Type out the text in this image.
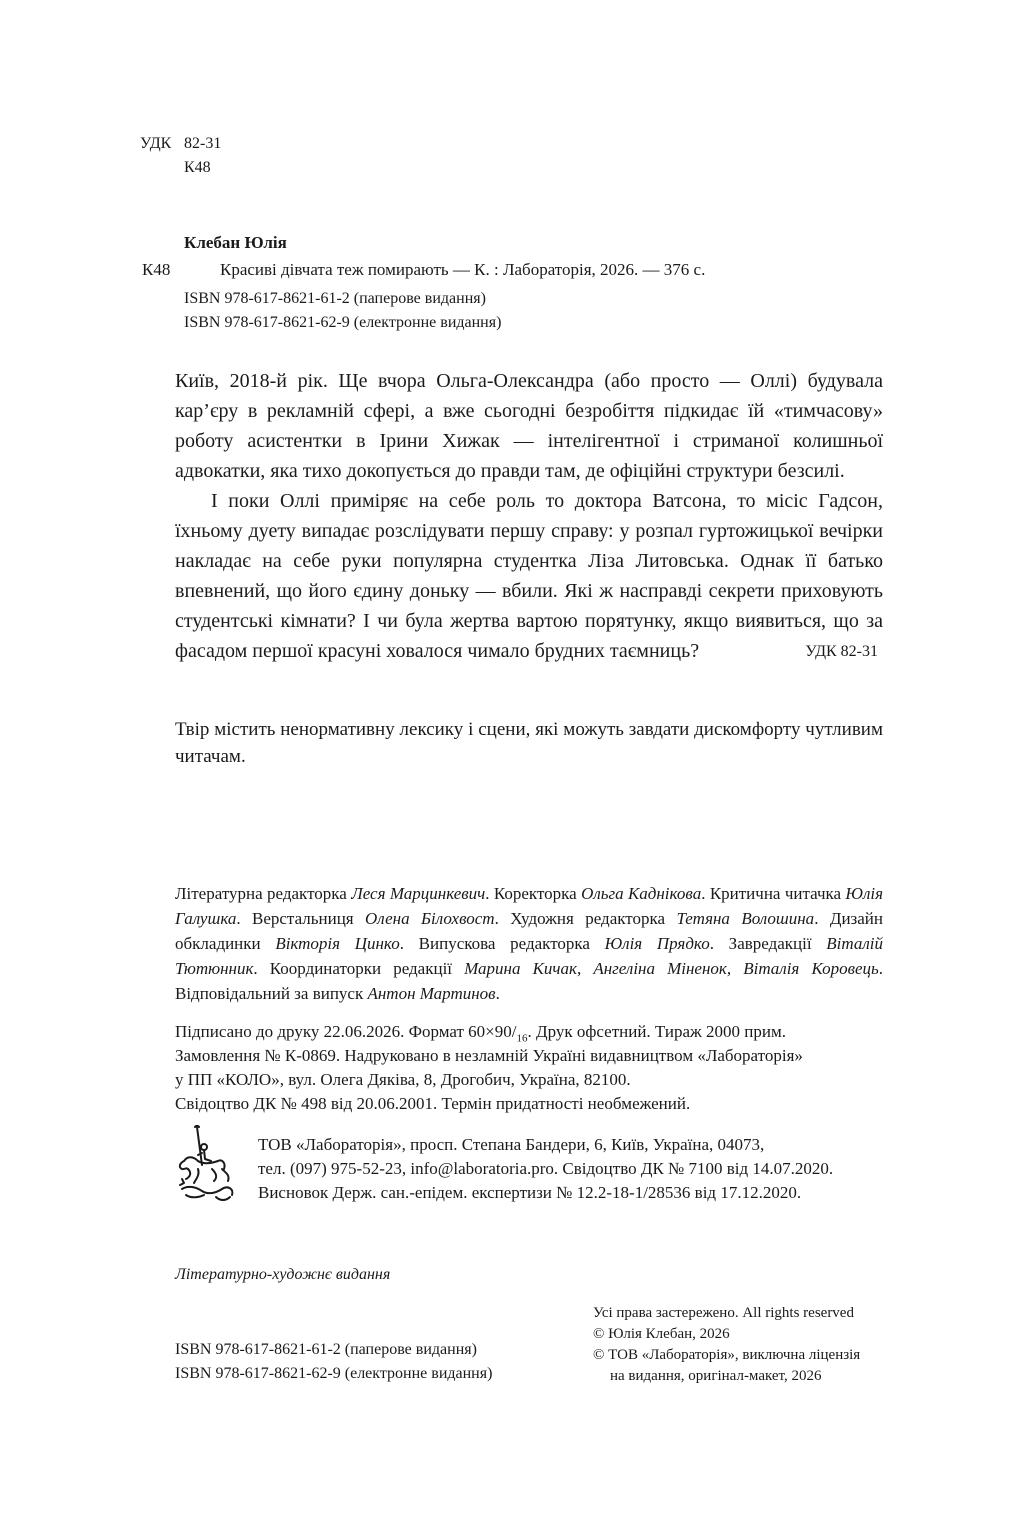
УДК 82-31
К48
Клебан Юлія
К48	Красиві дівчата теж помирають — К. : Лабораторія, 2026. — 376 с.
ISBN 978-617-8621-61-2 (паперове видання)
ISBN 978-617-8621-62-9 (електронне видання)

Київ, 2018-й рік. Ще вчора Ольга-Олександра (або просто — Оллі) будувала кар’єру в рекламній сфері, а вже сьогодні безробіття підкидає їй «тимчасову» роботу асистентки в Ірини Хижак — інтелігентної і стриманої колишньої адвокатки, яка тихо докопується до правди там, де офіційні структури безсилі.

І поки Оллі приміряє на себе роль то доктора Ватсона, то місіс Гадсон, їхньому дуету випадає розслідувати першу справу: у розпал гуртожицької вечірки накладає на себе руки популярна студентка Ліза Литовська. Однак її батько впевнений, що його єдину доньку — вбили. Які ж насправді секрети приховують студентські кімнати? І чи була жертва вартою порятунку, якщо виявиться, що за фасадом першої красуні ховалося чимало брудних таємниць?	УДК 82-31
Твір містить ненормативну лексику і сцени, які можуть завдати дискомфорту чутливим читачам.

Літературна редакторка Леся Марцинкевич. Коректорка Ольга Кадніковa. Критична читачка Юлія Галушка. Верстальниця Олена Білохвост. Художня редакторка Тетяна Волошина. Дизайн обкладинки Вікторія Цинко. Випускова редакторка Юлія Прядко. Завредакції Віталій Тютюнник. Координаторки редакції Марина Кичак, Ангеліна Міненок, Віталія Коровець. Відповідальний за випуск Антон Мартинов.

Підписано до друку 22.06.2026. Формат $60\times 90/_{16}$. Друк офсетний. Тираж 2000 прим.
Замовлення № К-0869. Надруковано в незламній Україні видавництвом «Лабораторія»
у ПП «КОЛО», вул. Олега Дяківа, 8, Дрогобич, Україна, 82100.
Свідоцтво ДК № 498 від 20.06.2001. Термін придатності необмежений.
ТОВ «Лабораторія», просп. Степана Бандери, 6, Київ, Україна, 04073,
тел. (097) 975-52-23, info@laboratoria.pro. Свідоцтво ДК № 7100 від 14.07.2020.
Висновок Держ. сан.-епідем. експертизи № 12.2-18-1/28536 від 17.12.2020.
Літературно-художнє видання
Усі права застережено. All rights reserved
© Юлія Клебан, 2026
© ТОВ «Лабораторія», виключна ліцензія
на видання, оригінал-макет, 2026
ISBN 978-617-8621-61-2 (паперове видання)
ISBN 978-617-8621-62-9 (електронне видання)
